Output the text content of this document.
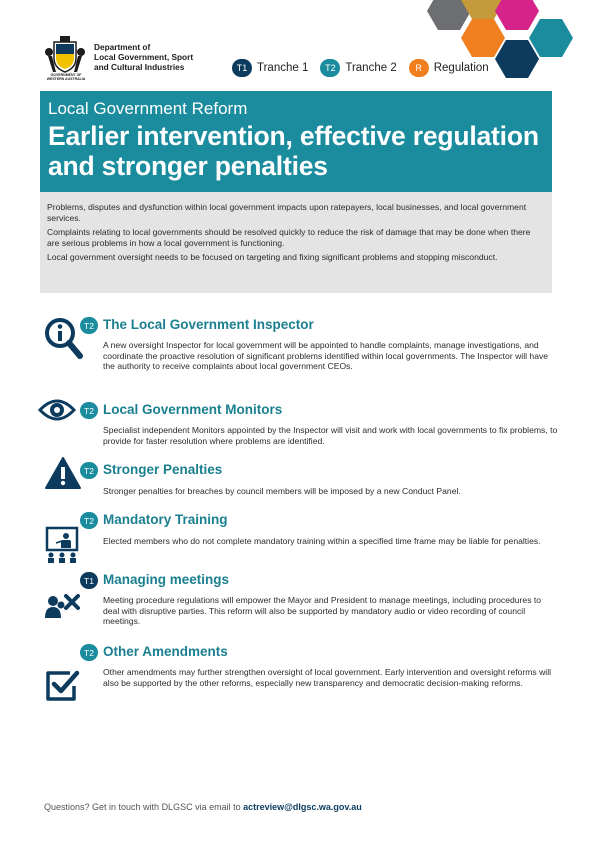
GOVERNMENT OF WESTERN AUSTRALIA
Department of
Local Government, Sport
and Cultural Industries	T1 Tranche 1	T2 Tranche 2	R	Regulation
Local Government Reform
Earlier intervention, effective regulation and stronger penalties

Problems, disputes and dysfunction within local government impacts upon ratepayers, local businesses, and local government services.

Complaints relating to local governments should be resolved quickly to reduce the risk of damage that may be done when there are serious problems in how a local government is functioning.

Local government oversight needs to be focused on targeting and fixing significant problems and stopping misconduct.

T2 The Local Government Inspector
A new oversight Inspector for local government will be appointed to handle complaints, manage investigations, and coordinate the proactive resolution of significant problems identified within local governments. The Inspector will have the authority to receive complaints about local government CEOs.
T2 Local Government Monitors
Specialist independent Monitors appointed by the Inspector will visit and work with local governments to fix problems, to provide for faster resolution where problems are identified.
T2 Stronger Penalties
Stronger penalties for breaches by council members will be imposed by a new Conduct Panel.
T2 Mandatory Training
Elected members who do not complete mandatory training within a specified time frame may be liable for penalties.
T1 Managing meetings
Meeting procedure regulations will empower the Mayor and President to manage meetings, including procedures to deal with disruptive parties. This reform will also be supported by mandatory audio or video recording of council meetings.
T2 Other Amendments
Other amendments may further strengthen oversight of local government. Early intervention and oversight reforms will also be supported by the other reforms, especially new transparency and democratic decision-making reforms.
Questions? Get in touch with DLGSC via email to actreview@dlgsc.wa.gov.au
